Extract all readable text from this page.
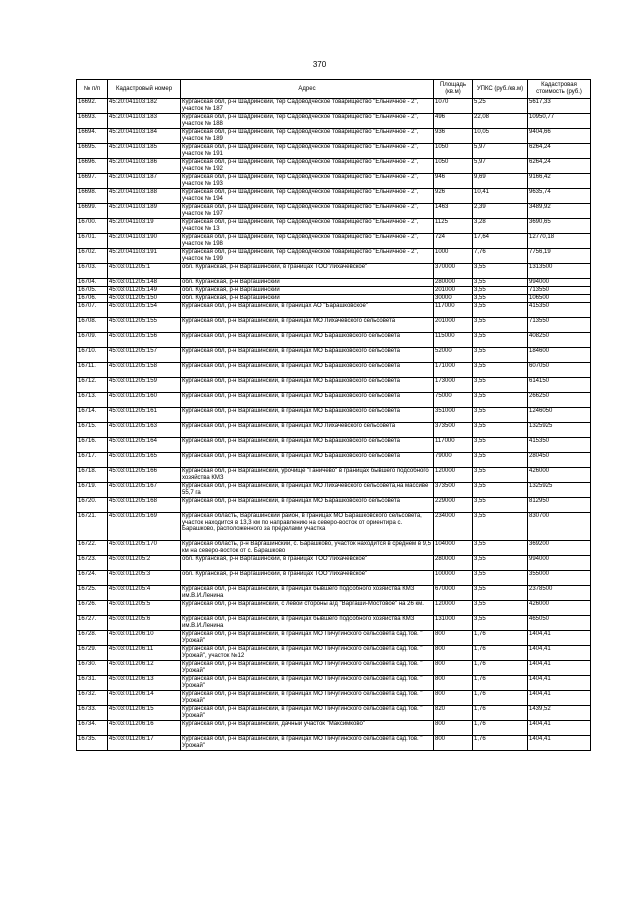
370
№ п/п	Кадастровый номер	Адрес	Площадь (кв.м)	УПКС (руб./кв.м)	Кадастровая стоимость (руб.)
16692.	45:20:041103:182	Курганская обл, р-н Шадринский, тер Садоводческое товарищество "Ельничное - 2", участок № 187	1070	5,25	5617,33
16693.	45:20:041103:183	Курганская обл, р-н Шадринский, тер Садоводческое товарищество "Ельничное - 2", участок № 188	496	22,08	10950,77
16694.	45:20:041103:184	Курганская обл, р-н Шадринский, тер Садоводческое товарищество "Ельничное - 2", участок № 189	936	10,05	9404,66
16695.	45:20:041103:185	Курганская обл, р-н Шадринский, тер Садоводческое товарищество "Ельничное - 2", участок № 191	1050	5,97	6264,24
16696.	45:20:041103:186	Курганская обл, р-н Шадринский, тер Садоводческое товарищество "Ельничное - 2", участок № 192	1050	5,97	6264,24
16697.	45:20:041103:187	Курганская обл, р-н Шадринский, тер Садоводческое товарищество "Ельничное - 2", участок № 193	946	9,69	9166,42
16698.	45:20:041103:188	Курганская обл, р-н Шадринский, тер Садоводческое товарищество "Ельничное - 2", участок № 194	926	10,41	9635,74
16699.	45:20:041103:189	Курганская обл, р-н Шадринский, тер Садоводческое товарищество "Ельничное - 2", участок № 197	1463	2,39	3489,92
16700.	45:20:041103:19	Курганская обл, р-н Шадринский, тер Садоводческое товарищество "Ельничное - 2", участок № 13	1125	3,28	3690,65
16701.	45:20:041103:190	Курганская обл, р-н Шадринский, тер Садоводческое товарищество "Ельничное - 2", участок № 198	724	17,64	12770,18
16702.	45:20:041103:191	Курганская обл, р-н Шадринский, тер Садоводческое товарищество "Ельничное - 2", участок № 199	1000	7,76	7756,19
16703.	45:03:011205:1	обл. Курганская, р-н Варгашинский, в границах ТОО"Лихачевское"	370000	3,55	1313500
16704.	45:03:011205:148	обл. Курганская, р-н Варгашинский	280000	3,55	994000
16705.	45:03:011205:149	обл. Курганская, р-н Варгашинский	201000	3,55	713550
16706.	45:03:011205:150	обл. Курганская, р-н Варгашинский	30000	3,55	106500
16707.	45:03:011205:154	Курганская обл, р-н Варгашинский, в границах АО "Барашковское"	117000	3,55	415350
16708.	45:03:011205:155	Курганская обл, р-н Варгашинский, в границах МО Лихачевского сельсовета	201000	3,55	713550
16709.	45:03:011205:156	Курганская обл, р-н Варгашинский, в границах МО Барашковского сельсовета	115000	3,55	408250
16710.	45:03:011205:157	Курганская обл, р-н Варгашинский, в границах МО Барашковского сельсовета	52000	3,55	184600
16711.	45:03:011205:158	Курганская обл, р-н Варгашинский, в границах МО Барашковского сельсовета	171000	3,55	607050
16712.	45:03:011205:159	Курганская обл, р-н Варгашинский, в границах МО Барашковского сельсовета	173000	3,55	614150
16713.	45:03:011205:160	Курганская обл, р-н Варгашинский, в границах МО Барашковского сельсовета	75000	3,55	266250
16714.	45:03:011205:161	Курганская обл, р-н Варгашинский, в границах МО Барашковского сельсовета	351000	3,55	1246050
16715.	45:03:011205:163	Курганская обл, р-н Варгашинский, в границах МО Лихачевского сельсовета	373500	3,55	1325925
16716.	45:03:011205:164	Курганская обл, р-н Варгашинский, в границах МО Барашковского сельсовета	117000	3,55	415350
16717.	45:03:011205:165	Курганская обл, р-н Варгашинский, в границах МО Барашковского сельсовета	79000	3,55	280450
16718.	45:03:011205:166	Курганская обл, р-н Варгашинский, урочище "Ганичево" в границах бывшего подсобного хозяйства КМЗ	120000	3,55	426000
16719.	45:03:011205:167	Курганская обл, р-н Варгашинский, в границах МО Лихачевского сельсовета,на массиве 55,7 га	373500	3,55	1325925
16720.	45:03:011205:168	Курганская обл, р-н Варгашинский, в границах МО Барашковского сельсовета	229000	3,55	812950
16721.	45:03:011205:169	Курганская область, Варгашинский район, в границах МО Барашковского сельсовета, участок находится в 13,3 км по направлению на северо-восток от ориентира с. Барашково, расположенного за пределами участка	234000	3,55	830700
16722.	45:03:011205:170	Курганская область, р-н Варгашинский, с. Барашково, участок находится в среднем в 9,5 км на северо-восток от с. Барашково	104000	3,55	369200
16723.	45:03:011205:2	обл. Курганская, р-н Варгашинский, в границах ТОО"Лихачевское"	280000	3,55	994000
16724.	45:03:011205:3	обл. Курганская, р-н Варгашинский, в границах ТОО"Лихачевское"	100000	3,55	355000
16725.	45:03:011205:4	Курганская обл, р-н Варгашинский, в границах бывшего подсобного хозяйства КМЗ им.В.И.Ленина	670000	3,55	2378500
16726.	45:03:011205:5	Курганская обл, р-н Варгашинский, с левой стороны а/д "Варгаши-Мостовое" на 26 км.	120000	3,55	426000
16727.	45:03:011205:6	Курганская обл, р-н Варгашинский, в границах бывшего подсобного хозяйства КМЗ им.В.И.Ленина	131000	3,55	465050
16728.	45:03:011206:10	Курганская обл, р-н Варгашинский, в границах МО Пичугинского сельсовета сад.тов. " Урожай"	800	1,76	1404,41
16729.	45:03:011206:11	Курганская обл, р-н Варгашинский, в границах МО Пичугинского сельсовета сад.тов. " Урожай", участок №12	800	1,76	1404,41
16730.	45:03:011206:12	Курганская обл, р-н Варгашинский, в границах МО Пичугинского сельсовета сад.тов. " Урожай"	800	1,76	1404,41
16731.	45:03:011206:13	Курганская обл, р-н Варгашинский, в границах МО Пичугинского сельсовета сад.тов. " Урожай"	800	1,76	1404,41
16732.	45:03:011206:14	Курганская обл, р-н Варгашинский, в границах МО Пичугинского сельсовета сад.тов. " Урожай"	800	1,76	1404,41
16733.	45:03:011206:15	Курганская обл, р-н Варгашинский, в границах МО Пичугинского сельсовета сад.тов. " Урожай"	820	1,76	1439,52
16734.	45:03:011206:16	Курганская обл, р-н Варгашинский, дачный участок "Максимково"	800	1,76	1404,41
16735.	45:03:011206:17	Курганская обл, р-н Варгашинский, в границах МО Пичугинского сельсовета сад.тов. " Урожай"	800	1,76	1404,41
